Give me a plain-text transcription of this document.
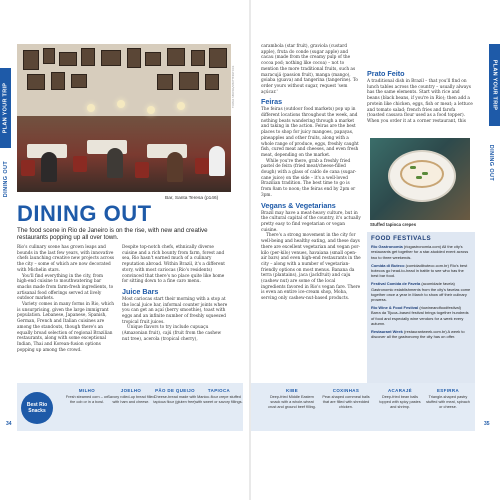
PLAN YOUR TRIP	PLAN YOUR TRIP
DINING OUT	DINING OUT
TOMAS SEREDA/SHUTTERSTOCK
Bar, Santa Teresa (p146)
DINING OUT

The food scene in Rio de Janeiro is on the rise, with new and creative restaurants popping up all over town.

Rio's culinary scene has grown leaps and bounds in the last few years, with innovative chefs launching creative new projects across the city – some of which are now decorated with Michelin stars.

You'll find everything in the city, from high-end cuisine to mouthwatering bar snacks made from farm-fresh ingredients, to artisanal food offerings served at lively outdoor markets.

Variety comes in many forms in Rio, which is unsurprising, given the large immigrant population. Lebanese, Japanese, Spanish, German, French and Italian cuisines are among the standouts, though there's an equally broad selection of regional Brazilian restaurants, along with some exceptional Indian, Thai and Korean-fusion options popping up among the crowd.

Despite top-notch chefs, ethnically diverse cuisine and a rich bounty from farm, forest and sea, Rio hasn't earned much of a culinary reputation abroad. Within Brazil, it's a different story, with most cariocas (Rio's residents) convinced that there's no place quite like home for sitting down to a fine caro menu.

Juice Bars

Most cariocas start their morning with a stop at the local juice bar, informal counter joints where you can get an açaí (berry smoothie), toast with eggs and an infinite number of freshly squeezed tropical fruit juices.

Unique flavors to try include cupuaçu (Amazonian fruit), cajú (fruit from the cashew nut tree), acerola (tropical cherry),

carambola (star fruit), graviola (custard apple), fruta do conde (sugar apple) and cacau (made from the creamy pulp of the cocoa pod; nothing like cocoa) – not to mention the more traditional fruits, such as maracujá (passion fruit), manga (mango), goiaba (guava) and tangerina (tangerine). To order yours without sugar, request 'sem açúcar.'

Feiras

The feiras (outdoor food markets) pop up in different locations throughout the week, and nothing beats wandering through a market and taking in the action. Feiras are the best places to shop for juicy mangoes, papayas, pineapples and other fruits, along with a whole range of produce, eggs, freshly caught fish, cured meat and cheeses, and even fresh meat, depending on the market.

While you're there, grab a freshly fried pastel de feira (fried meat/cheese-filled dough) with a glass of caldo de cana (sugar-cane juice) on the side – it's a well-loved Brazilian tradition. The best time to go is from 8am to noon; the feiras end by 2pm or 3pm.

Vegans & Vegetarians

Brazil may have a meat-heavy culture, but in the cultural capital of the country, it's actually pretty easy to find vegetarian or vegan cuisine.

There's a strong movement in the city for well-being and healthy eating, and these days there are excellent vegetarian and vegan por-kilo (per-kilo) venues, havaiana (small open-air bars) and even high-end restaurants in the city – along with a number of vegetarian-friendly options on most menus. Banana da terra (plantains), jaca (jackfruit) and caju (cashew nut) are some of the local ingredients favored in Rio's vegan fare. There is even an entire ice-cream shop, Moba, serving only cashew-nut-based products.

Prato Feito

A traditional dish in Brazil – that you'll find on lunch tables across the country – usually always has the same elements. Start with rice and beans (black beans, if you're in Rio); then add a protein like chicken, eggs, fish or meat; a lettuce and tomato salad; french fries and farofa (toasted cassava flour used as a food topper). When you order it at a corner restaurant, this

Stuffed tapioca crepes
FOOD FESTIVALS

Rio Gastronomia (riogastronomia.com) All the city's restaurants get together for a star-studded event across two to three weekends.

Comida di Buteco (comidadibuteco.com.br) Rio's best botecos go head-to-head in battle to see who has the best bar food.

Festival Comida de Favela (acomidade favela) Gastronomic establishments from the city's favelas come together once a year in March to show off their culinary prowess.

Rio Wine & Food Festival (riowineandfoodfestival) Barra da Tijuca–based festival brings together hundreds of food and especially wine vendors for a week every autumn.

Restaurant Week (restaurantweek.com.br) A week to discover all the gastronomy the city has on offer.

Best Rio Snacks
MILHO
Fresh steamed corn – on the cob or in a bowl.
JOELHO
Savory rolled-up bread filled with ham and cheese.
PÃO DE QUEIJO
Cheese-bread made with tapioca flour (gluten free).
TAPIOCA
Manioc-flour crepe stuffed with sweet or savory fillings.
KIBE
Deep-fried Middle Eastern snack with a whole-wheat crust and ground beef filling.
COXINHAS
Pear-shaped cornmeal balls that are filled with shredded chicken.
ACARAJÉ
Deep-fried bean balls topped with spicy pastes and shrimp.
ESFIRRA
Triangle-shaped pastry stuffed with meat, spinach or cheese.
34	35
